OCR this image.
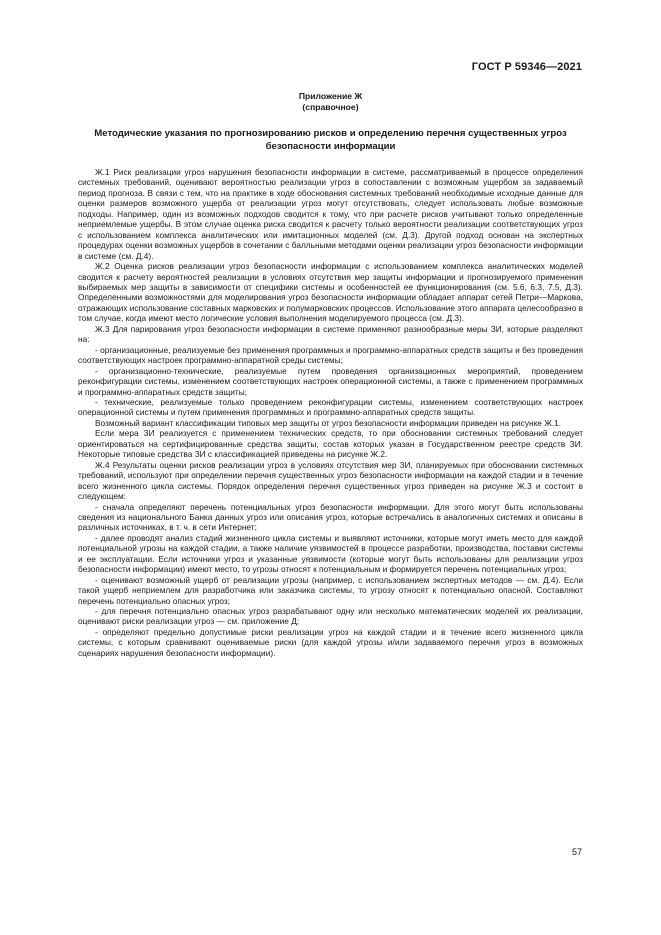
ГОСТ Р 59346—2021
Приложение Ж
(справочное)
Методические указания по прогнозированию рисков и определению перечня существенных угроз безопасности информации

Ж.1 Риск реализации угроз нарушения безопасности информации в системе, рассматриваемый в процессе определения системных требований, оценивают вероятностью реализации угроз в сопоставлении с возможным ущербом за задаваемый период прогноза. В связи с тем, что на практике в ходе обоснования системных требований необходимые исходные данные для оценки размеров возможного ущерба от реализации угроз могут отсутствовать, следует использовать любые возможные подходы. Например, один из возможных подходов сводится к тому, что при расчете рисков учитывают только определенные неприемлемые ущербы. В этом случае оценка риска сводится к расчету только вероятности реализации соответствующих угроз с использованием комплекса аналитических или имитационных моделей (см. Д.3). Другой подход основан на экспертных процедурах оценки возможных ущербов в сочетании с балльными методами оценки реализации угроз безопасности информации в системе (см. Д.4).

Ж.2 Оценка рисков реализации угроз безопасности информации с использованием комплекса аналитических моделей сводится к расчету вероятностей реализации в условиях отсутствия мер защиты информации и прогнозируемого применения выбираемых мер защиты в зависимости от специфики системы и особенностей ее функционирования (см. 5.6, 6.3, 7.5, Д.3). Определенными возможностями для моделирования угроз безопасности информации обладает аппарат сетей Петри—Маркова, отражающих использование составных марковских и полумарковских процессов. Использование этого аппарата целесообразно в том случае, когда имеют место логические условия выполнения моделируемого процесса (см. Д.3).

Ж.3 Для парирования угроз безопасности информации в системе применяют разнообразные меры ЗИ, которые разделяют на:

- организационные, реализуемые без применения программных и программно-аппаратных средств защиты и без проведения соответствующих настроек программно-аппаратной среды системы;

- организационно-технические, реализуемые путем проведения организационных мероприятий, проведением реконфигурации системы, изменением соответствующих настроек операционной системы, а также с применением программных и программно-аппаратных средств защиты;

- технические, реализуемые только проведением реконфигурации системы, изменением соответствующих настроек операционной системы и путем применения программных и программно-аппаратных средств защиты.

Возможный вариант классификации типовых мер защиты от угроз безопасности информации приведен на рисунке Ж.1.

Если мера ЗИ реализуется с применением технических средств, то при обосновании системных требований следует ориентироваться на сертифицированные средства защиты, состав которых указан в Государственном реестре средств ЗИ. Некоторые типовые средства ЗИ с классификацией приведены на рисунке Ж.2.

Ж.4 Результаты оценки рисков реализации угроз в условиях отсутствия мер ЗИ, планируемых при обосновании системных требований, используют при определении перечня существенных угроз безопасности информации на каждой стадии и в течение всего жизненного цикла системы. Порядок определения перечня существенных угроз приведен на рисунке Ж.3 и состоит в следующем:

- сначала определяют перечень потенциальных угроз безопасности информации. Для этого могут быть использованы сведения из национального Банка данных угроз или описания угроз, которые встречались в аналогичных системах и описаны в различных источниках, в т. ч. в сети Интернет;

- далее проводят анализ стадий жизненного цикла системы и выявляют источники, которые могут иметь место для каждой потенциальной угрозы на каждой стадии, а также наличие уязвимостей в процессе разработки, производства, поставки системы и ее эксплуатации. Если источники угроз и указанные уязвимости (которые могут быть использованы для реализации угроз безопасности информации) имеют место, то угрозы относят к потенциальным и формируется перечень потенциальных угроз;

- оценивают возможный ущерб от реализации угрозы (например, с использованием экспертных методов — см. Д.4). Если такой ущерб неприемлем для разработчика или заказчика системы, то угрозу относят к потенциально опасной. Составляют перечень потенциально опасных угроз;

- для перечня потенциально опасных угроз разрабатывают одну или несколько математических моделей их реализации, оценивают риски реализации угроз — см. приложение Д;

- определяют предельно допустимые риски реализации угроз на каждой стадии и в течение всего жизненного цикла системы, с которым сравнивают оцениваемые риски (для каждой угрозы и/или задаваемого перечня угроз в возможных сценариях нарушения безопасности информации).

57
